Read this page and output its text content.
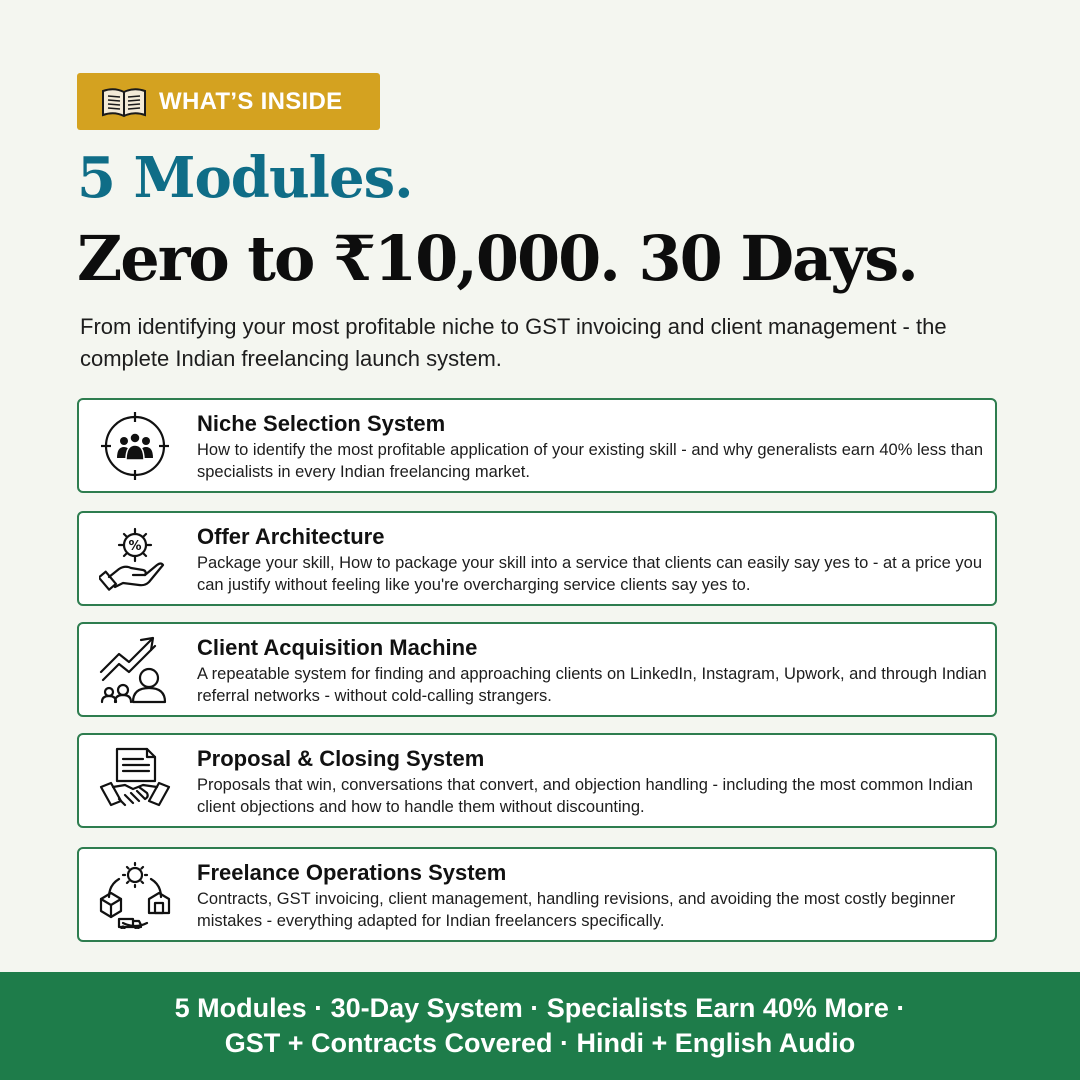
WHAT’S INSIDE
5 Modules.
Zero to ₹10,000. 30 Days.

From identifying your most profitable niche to GST invoicing and client management - the complete Indian freelancing launch system.

Niche Selection System
How to identify the most profitable application of your existing skill - and why generalists earn 40% less than specialists in every Indian freelancing market.
%	Offer Architecture
Package your skill, How to package your skill into a service that clients can easily say yes to - at a price you can justify without feeling like you're overcharging service clients say yes to.
Client Acquisition Machine
A repeatable system for finding and approaching clients on LinkedIn, Instagram, Upwork, and through Indian referral networks - without cold-calling strangers.
Proposal & Closing System
Proposals that win, conversations that convert, and objection handling - including the most common Indian client objections and how to handle them without discounting.
Freelance Operations System
Contracts, GST invoicing, client management, handling revisions, and avoiding the most costly beginner mistakes - everything adapted for Indian freelancers specifically.
5 Modules · 30-Day System · Specialists Earn 40% More ·
GST + Contracts Covered · Hindi + English Audio
